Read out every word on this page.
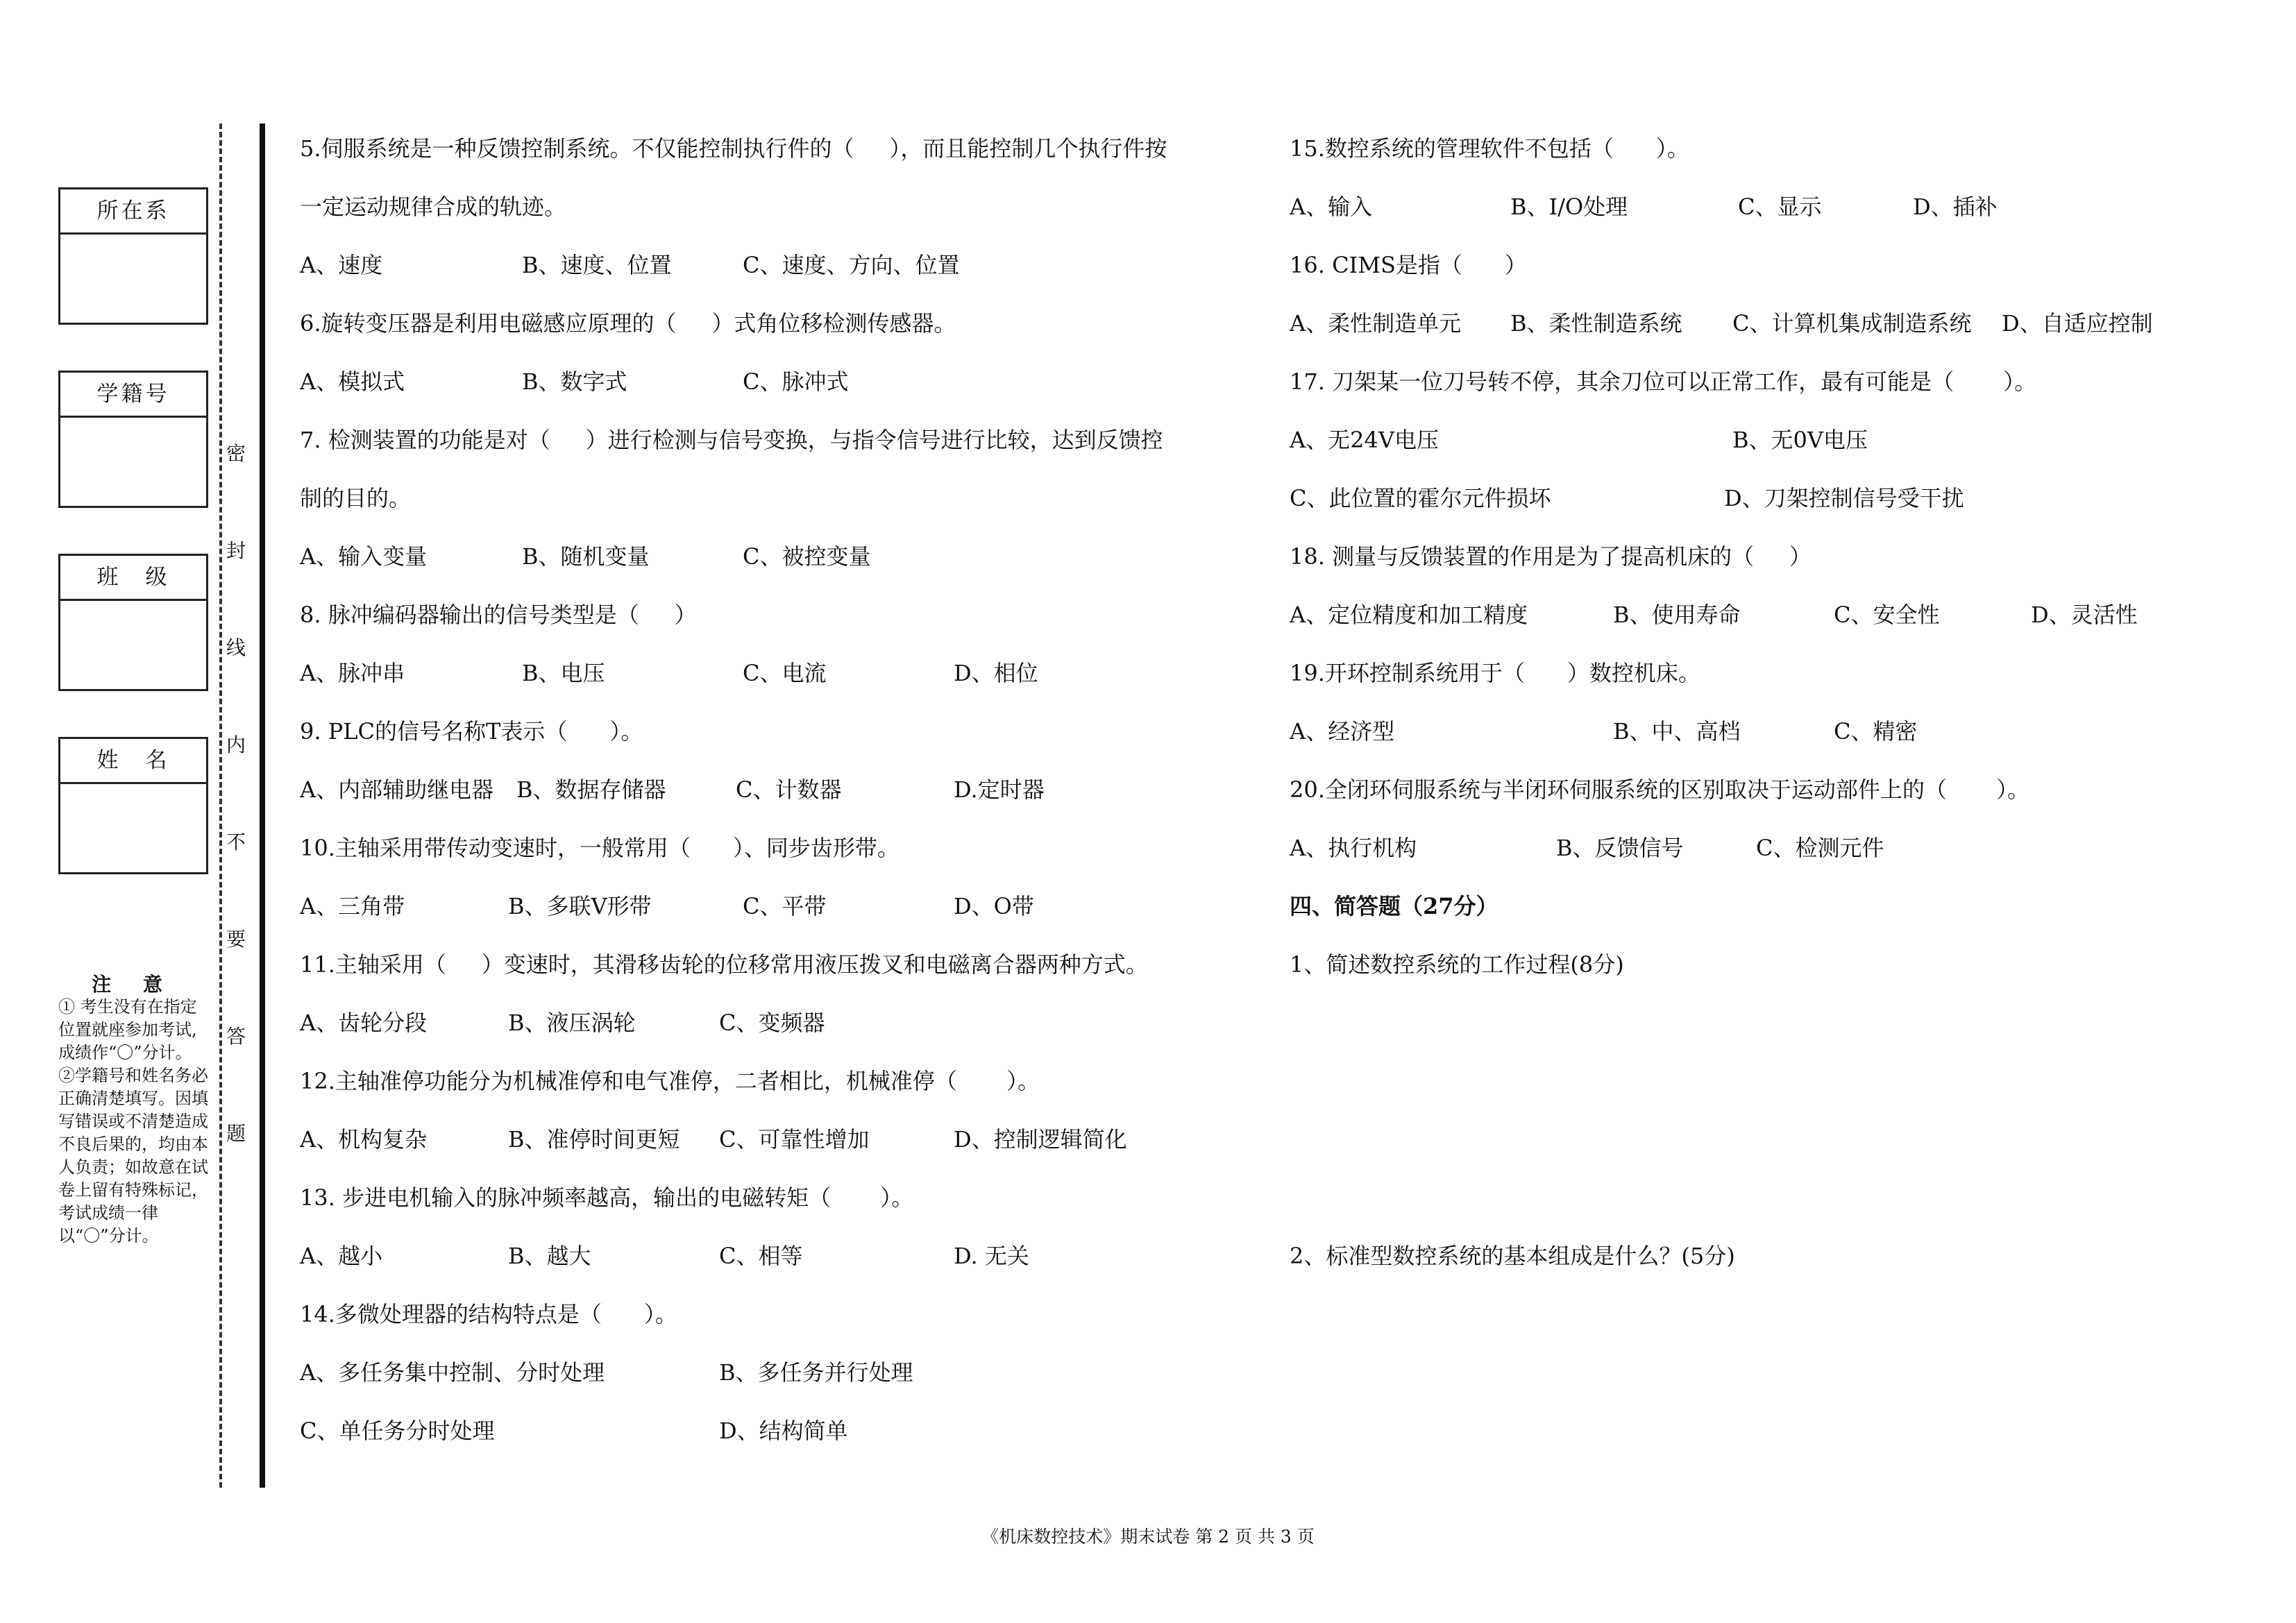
所在系
学籍号
班　级
姓　名
注 意
① 考生没有在指定位置就座参加考试,成绩作“〇”分计。
②学籍号和姓名务必正确清楚填写。因填写错误或不清楚造成不良后果的，均由本人负责；如故意在试卷上留有特殊标记，考试成绩一律以“〇”分计。
密
封
线
内
不
要
答
题
5.伺服系统是一种反馈控制系统。不仅能控制执行件的（     ），而且能控制几个执行件按
一定运动规律合成的轨迹。
A、速度	B、速度、位置	C、速度、方向、位置
6.旋转变压器是利用电磁感应原理的（     ）式角位移检测传感器。
A、模拟式	B、数字式	C、脉冲式
7. 检测装置的功能是对（     ）进行检测与信号变换，与指令信号进行比较，达到反馈控
制的目的。
A、输入变量	B、随机变量	C、被控变量
8. 脉冲编码器输出的信号类型是（     ）
A、脉冲串	B、电压	C、电流	D、相位
9. PLC的信号名称T表示（      ）。
A、内部辅助继电器 B、数据存储器	C、计数器	D.定时器
10.主轴采用带传动变速时，一般常用（      ）、同步齿形带。
A、三角带	B、多联V形带	C、平带	D、O带
11.主轴采用（     ）变速时，其滑移齿轮的位移常用液压拨叉和电磁离合器两种方式。
A、齿轮分段	B、液压涡轮	C、变频器
12.主轴准停功能分为机械准停和电气准停，二者相比，机械准停（       ）。
A、机构复杂	B、准停时间更短 C、可靠性增加	D、控制逻辑简化
13. 步进电机输入的脉冲频率越高，输出的电磁转矩（       ）。
A、越小	B、越大	C、相等	D. 无关
14.多微处理器的结构特点是（      ）。
A、多任务集中控制、分时处理	B、多任务并行处理
C、单任务分时处理	D、结构简单
15.数控系统的管理软件不包括（      ）。
A、输入	B、I/O处理	C、显示	D、插补
16. CIMS是指（      ）
A、柔性制造单元 B、柔性制造系统 C、计算机集成制造系统 D、自适应控制
17. 刀架某一位刀号转不停，其余刀位可以正常工作，最有可能是（       ）。
A、无24V电压	B、无0V电压
C、此位置的霍尔元件损坏	D、刀架控制信号受干扰
18. 测量与反馈装置的作用是为了提高机床的（     ）
A、定位精度和加工精度	B、使用寿命	C、安全性	D、灵活性
19.开环控制系统用于（      ）数控机床。
A、经济型	B、中、高档	C、精密
20.全闭环伺服系统与半闭环伺服系统的区别取决于运动部件上的（       ）。
A、执行机构	B、反馈信号	C、检测元件
四、简答题（27分）
1、简述数控系统的工作过程(8分)
2、标准型数控系统的基本组成是什么？(5分)
《机床数控技术》期末试卷 第 2 页 共 3 页
